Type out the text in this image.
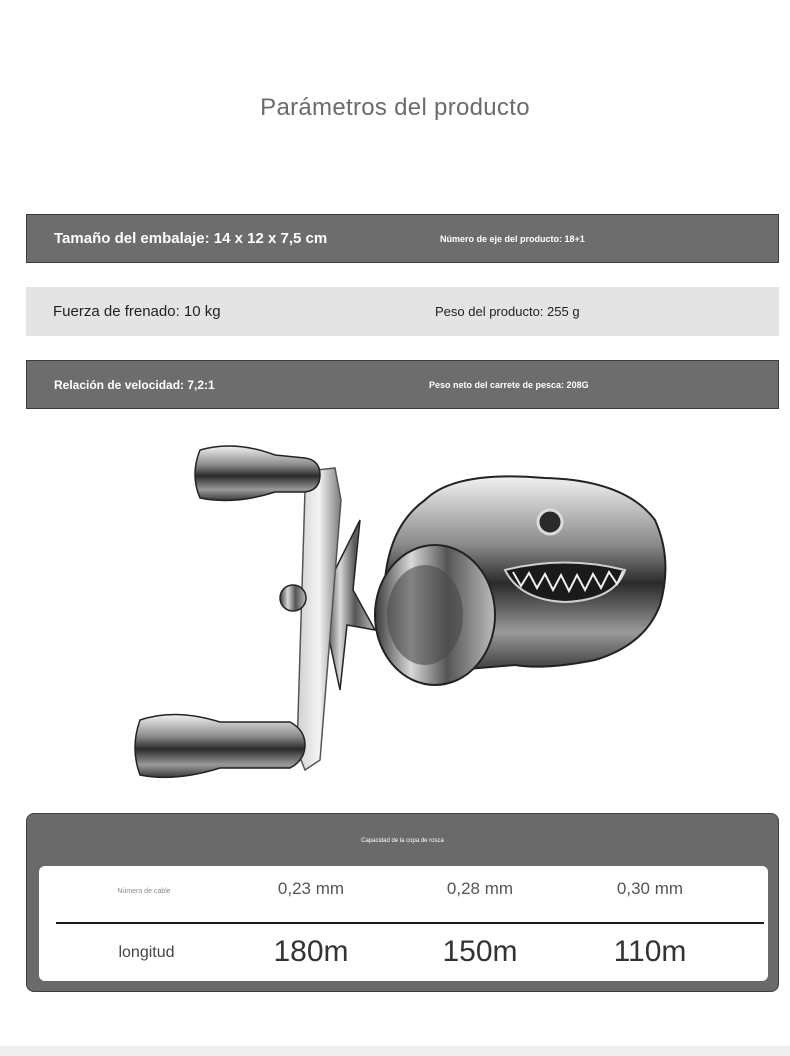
Parámetros del producto
Tamaño del embalaje: 14 x 12 x 7,5 cm	Número de eje del producto: 18+1
Fuerza de frenado: 10 kg	Peso del producto: 255 g
Relación de velocidad: 7,2:1	Peso neto del carrete de pesca: 208G
Capacidad de la copa de rosca
Número de cable	0,23 mm	0,28 mm	0,30 mm
longitud	180m	150m	110m
